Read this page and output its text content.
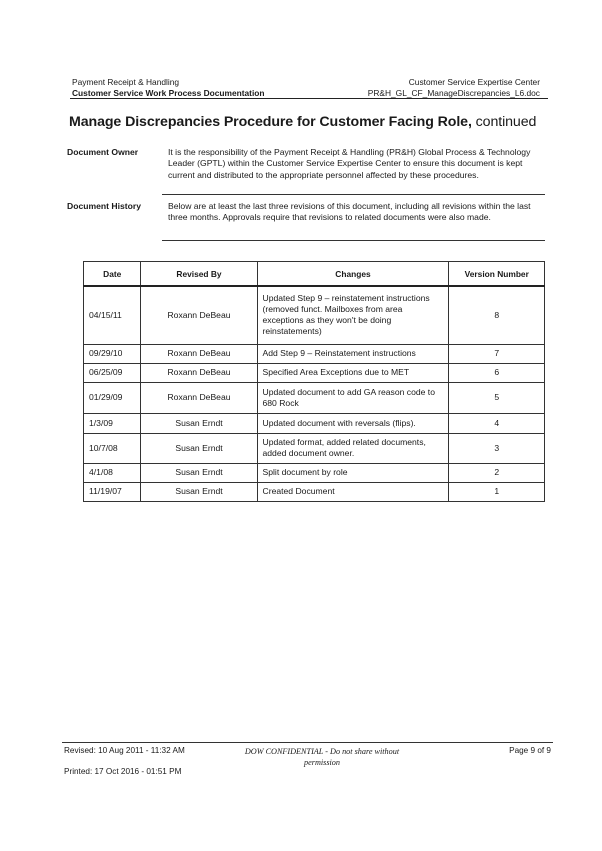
Payment Receipt & Handling
Customer Service Work Process Documentation
Customer Service Expertise Center
PR&H_GL_CF_ManageDiscrepancies_L6.doc
Manage Discrepancies Procedure for Customer Facing Role, continued
Document Owner	It is the responsibility of the Payment Receipt & Handling (PR&H) Global Process & Technology Leader (GPTL) within the Customer Service Expertise Center to ensure this document is kept current and distributed to the appropriate personnel affected by these procedures.
Document History	Below are at least the last three revisions of this document, including all revisions within the last three months. Approvals require that revisions to related documents were also made.
Date	Revised By	Changes	Version Number
04/15/11	Roxann DeBeau	Updated Step 9 – reinstatement instructions (removed funct. Mailboxes from area exceptions as they won't be doing reinstatements)	8
09/29/10	Roxann DeBeau	Add Step 9 – Reinstatement instructions	7
06/25/09	Roxann DeBeau	Specified Area Exceptions due to MET	6
01/29/09	Roxann DeBeau	Updated document to add GA reason code to 680 Rock	5
1/3/09	Susan Erndt	Updated document with reversals (flips).	4
10/7/08	Susan Erndt	Updated format, added related documents, added document owner.	3
4/1/08	Susan Erndt	Split document by role	2
11/19/07	Susan Erndt	Created Document	1
Revised: 10 Aug 2011 - 11:32 AM
Printed: 17 Oct 2016 - 01:51 PM
DOW CONFIDENTIAL - Do not share without permission
Page 9 of 9
